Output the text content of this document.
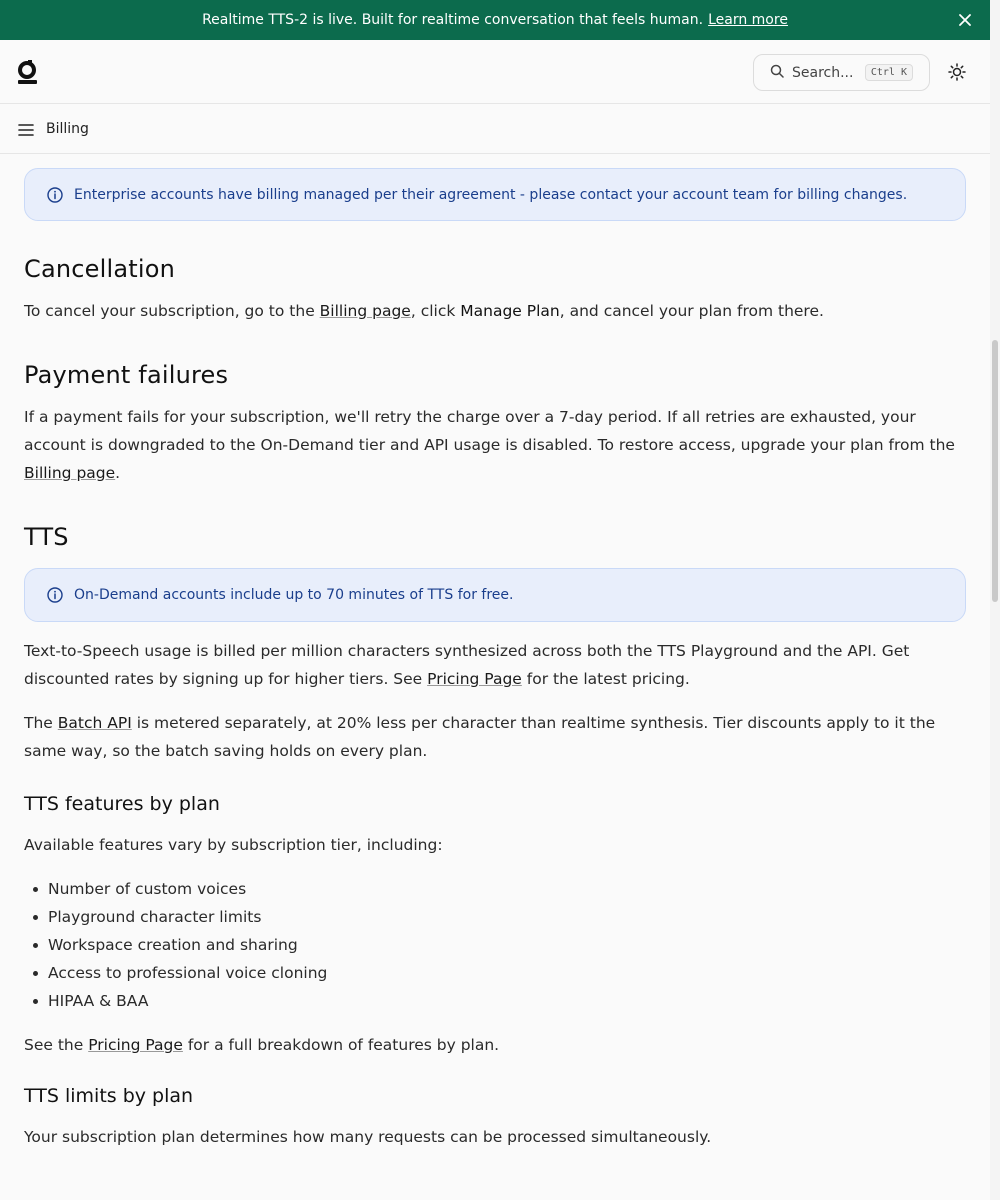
Realtime TTS-2 is live. Built for realtime conversation that feels human. Learn more
Search...	Ctrl K
Billing
Enterprise accounts have billing managed per their agreement - please contact your account team for billing changes.
Cancellation

To cancel your subscription, go to the Billing page, click Manage Plan, and cancel your plan from there.

Payment failures

If a payment fails for your subscription, we'll retry the charge over a 7-day period. If all retries are exhausted, your account is downgraded to the On-Demand tier and API usage is disabled. To restore access, upgrade your plan from the Billing page.

TTS
On-Demand accounts include up to 70 minutes of TTS for free.

Text-to-Speech usage is billed per million characters synthesized across both the TTS Playground and the API. Get discounted rates by signing up for higher tiers. See Pricing Page for the latest pricing.

The Batch API is metered separately, at 20% less per character than realtime synthesis. Tier discounts apply to it the same way, so the batch saving holds on every plan.

TTS features by plan

Available features vary by subscription tier, including:

Number of custom voices
Playground character limits
Workspace creation and sharing
Access to professional voice cloning
HIPAA & BAA

See the Pricing Page for a full breakdown of features by plan.

TTS limits by plan

Your subscription plan determines how many requests can be processed simultaneously.
